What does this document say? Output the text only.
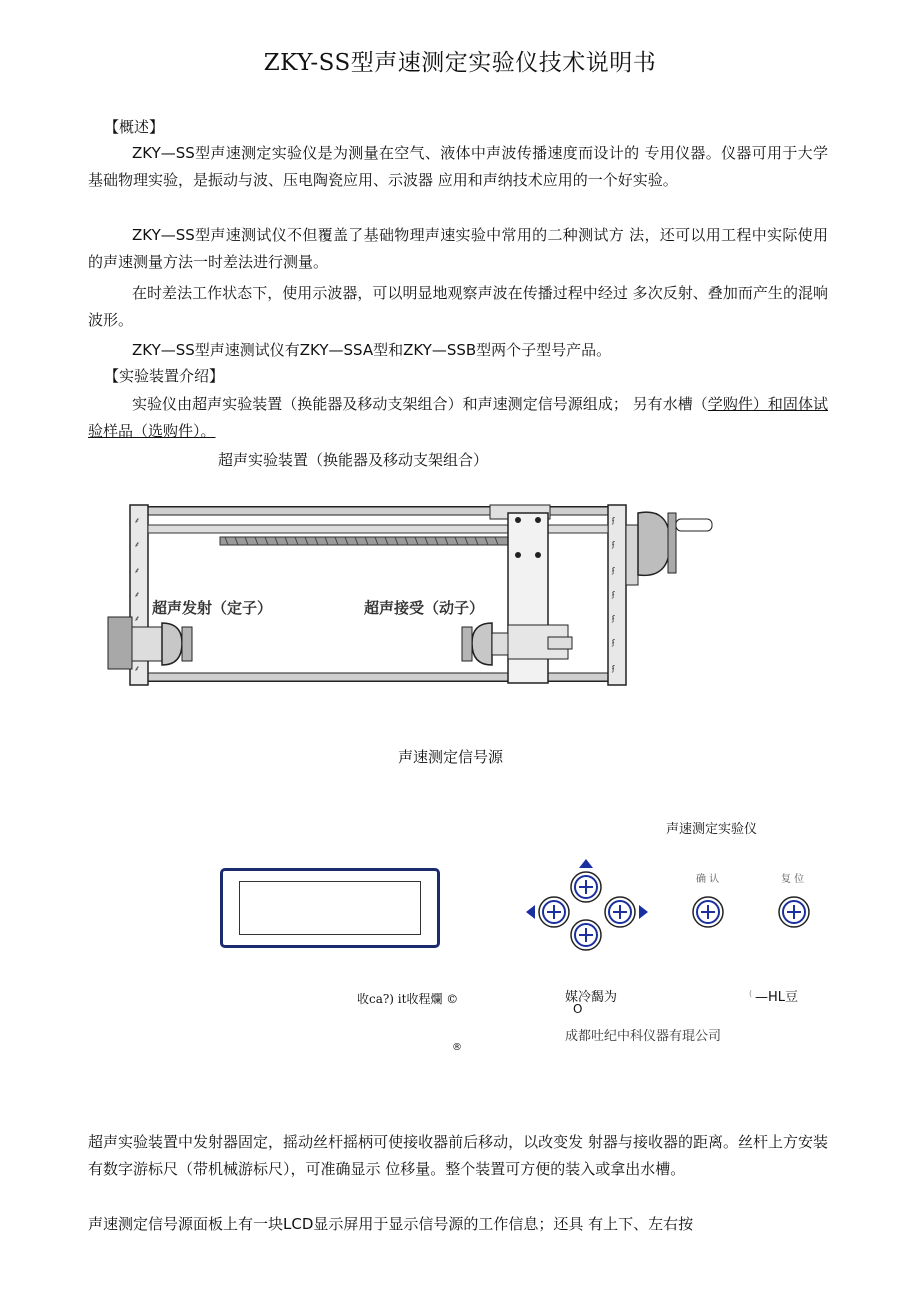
ZKY-SS型声速测定实验仪技术说明书
【概述】
ZKY—SS型声速测定实验仪是为测量在空气、液体中声波传播速度而设计的 专用仪器。仪器可用于大学基础物理实验，是振动与波、压电陶瓷应用、示波器 应用和声纳技术应用的一个好实验。
ZKY—SS型声速测试仪不但覆盖了基础物理声速实验中常用的二种测试方 法，还可以用工程中实际使用的声速测量方法一时差法进行测量。
在时差法工作状态下，使用示波器，可以明显地观察声波在传播过程中经过 多次反射、叠加而产生的混响波形。
ZKY—SS型声速测试仪有ZKY—SSA型和ZKY—SSB型两个子型号产品。
【实验装置介绍】
实验仪由超声实验装置（换能器及移动支架组合）和声速测定信号源组成； 另有水槽（学购件）和固体试验样品（选购件）。
超声实验装置（换能器及移动支架组合）
⸙
⸙
⸙
⸙
⸙
⸙
ʄ
ʄ
ʄ
ʄ
ʄ
ʄ
ʄ
超声发射（定子）	超声接受（动子）
声速测定信号源
声速测定实验仪
确 认	复 位
收ca?) it收程爛 ©	媒冷馤为
O
( —HL豆
成都吐纪中科仪器有琨公司
®
超声实验装置中发射器固定，摇动丝杆摇柄可使接收器前后移动，以改变发 射器与接收器的距离。丝杆上方安装有数字游标尺（带机械游标尺），可准确显示 位移量。整个装置可方便的装入或拿出水槽。
声速测定信号源面板上有一块LCD显示屏用于显示信号源的工作信息；还具 有上下、左右按
